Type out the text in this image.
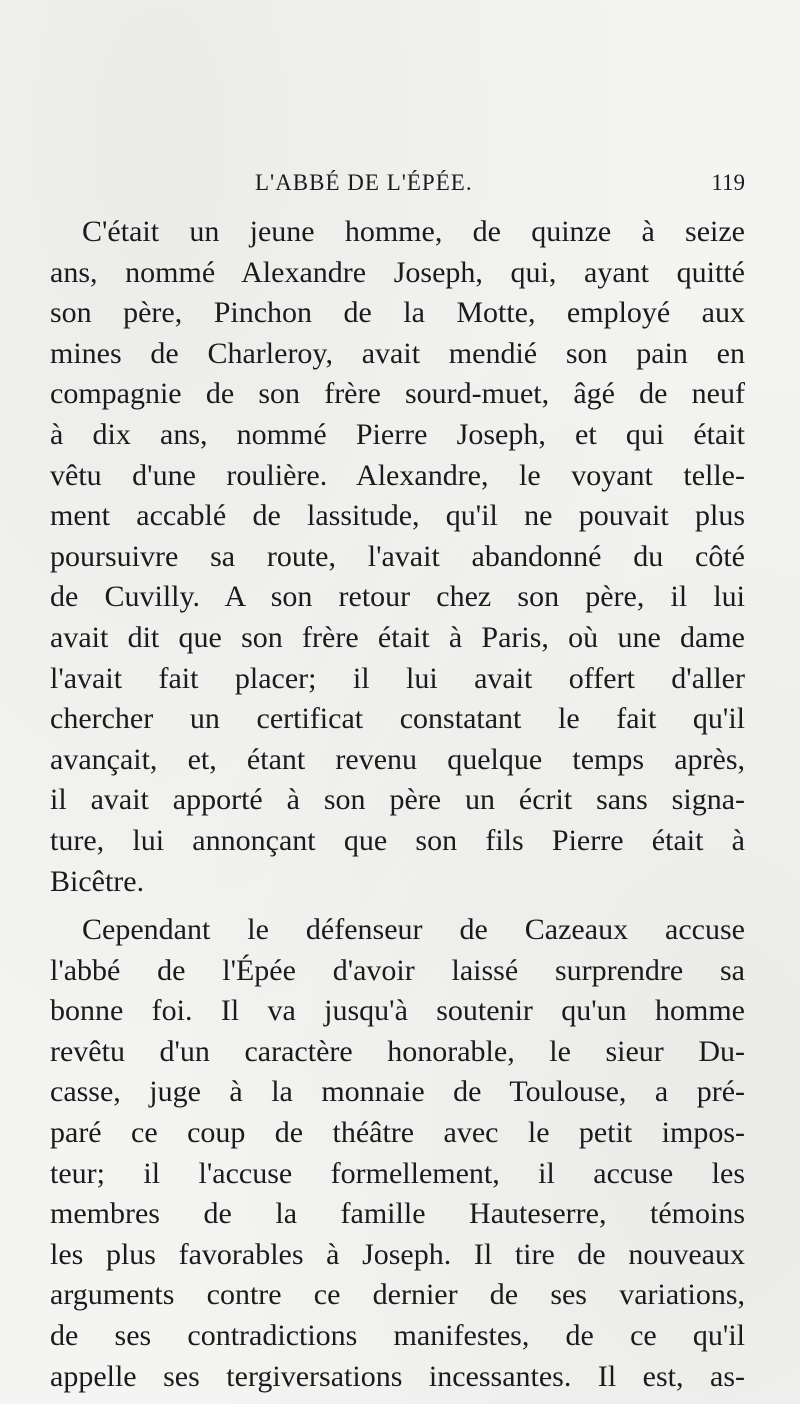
L'ABBÉ DE L'ÉPÉE.	119
C'était un jeune homme, de quinze à seize
ans, nommé Alexandre Joseph, qui, ayant quitté
son père, Pinchon de la Motte, employé aux
mines de Charleroy, avait mendié son pain en
compagnie de son frère sourd-muet, âgé de neuf
à dix ans, nommé Pierre Joseph, et qui était
vêtu d'une roulière. Alexandre, le voyant telle-
ment accablé de lassitude, qu'il ne pouvait plus
poursuivre sa route, l'avait abandonné du côté
de Cuvilly. A son retour chez son père, il lui
avait dit que son frère était à Paris, où une dame
l'avait fait placer; il lui avait offert d'aller
chercher un certificat constatant le fait qu'il
avançait, et, étant revenu quelque temps après,
il avait apporté à son père un écrit sans signa-
ture, lui annonçant que son fils Pierre était à
Bicêtre.
Cependant le défenseur de Cazeaux accuse
l'abbé de l'Épée d'avoir laissé surprendre sa
bonne foi. Il va jusqu'à soutenir qu'un homme
revêtu d'un caractère honorable, le sieur Du-
casse, juge à la monnaie de Toulouse, a pré-
paré ce coup de théâtre avec le petit impos-
teur; il l'accuse formellement, il accuse les
membres de la famille Hauteserre, témoins
les plus favorables à Joseph. Il tire de nouveaux
arguments contre ce dernier de ses variations,
de ses contradictions manifestes, de ce qu'il
appelle ses tergiversations incessantes. Il est, as-
